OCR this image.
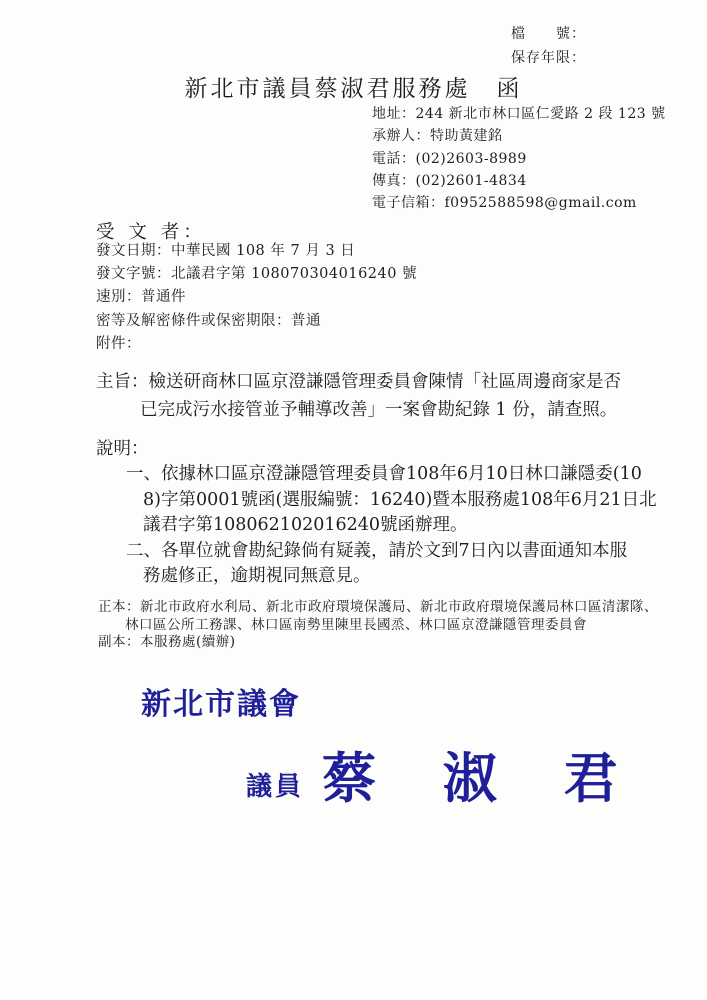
檔　　號：
保存年限：
新北市議員蔡淑君服務處　函
地址：244 新北市林口區仁愛路 2 段 123 號
承辦人：特助黃建銘
電話：(02)2603-8989
傳真：(02)2601-4834
電子信箱：f0952588598@gmail.com
受 文 者：
發文日期：中華民國 108 年 7 月 3 日
發文字號：北議君字第 108070304016240 號
速別：普通件
密等及解密條件或保密期限：普通
附件：
主旨：檢送研商林口區京澄謙隱管理委員會陳情「社區周邊商家是否
已完成污水接管並予輔導改善」一案會勘紀錄 1 份，請查照。
說明：
一、 依據林口區京澄謙隱管理委員會108年6月10日林口謙隱委(10
8)字第0001號函(選服編號：16240)暨本服務處108年6月21日北
議君字第108062102016240號函辦理。
二、 各單位就會勘紀錄倘有疑義，請於文到7日內以書面通知本服
務處修正，逾期視同無意見。
正本：新北市政府水利局、新北市政府環境保護局、新北市政府環境保護局林口區清潔隊、
林口區公所工務課、林口區南勢里陳里長國烝、林口區京澄謙隱管理委員會
副本：本服務處(續辦)
新北市議會
議員 蔡 淑 君
